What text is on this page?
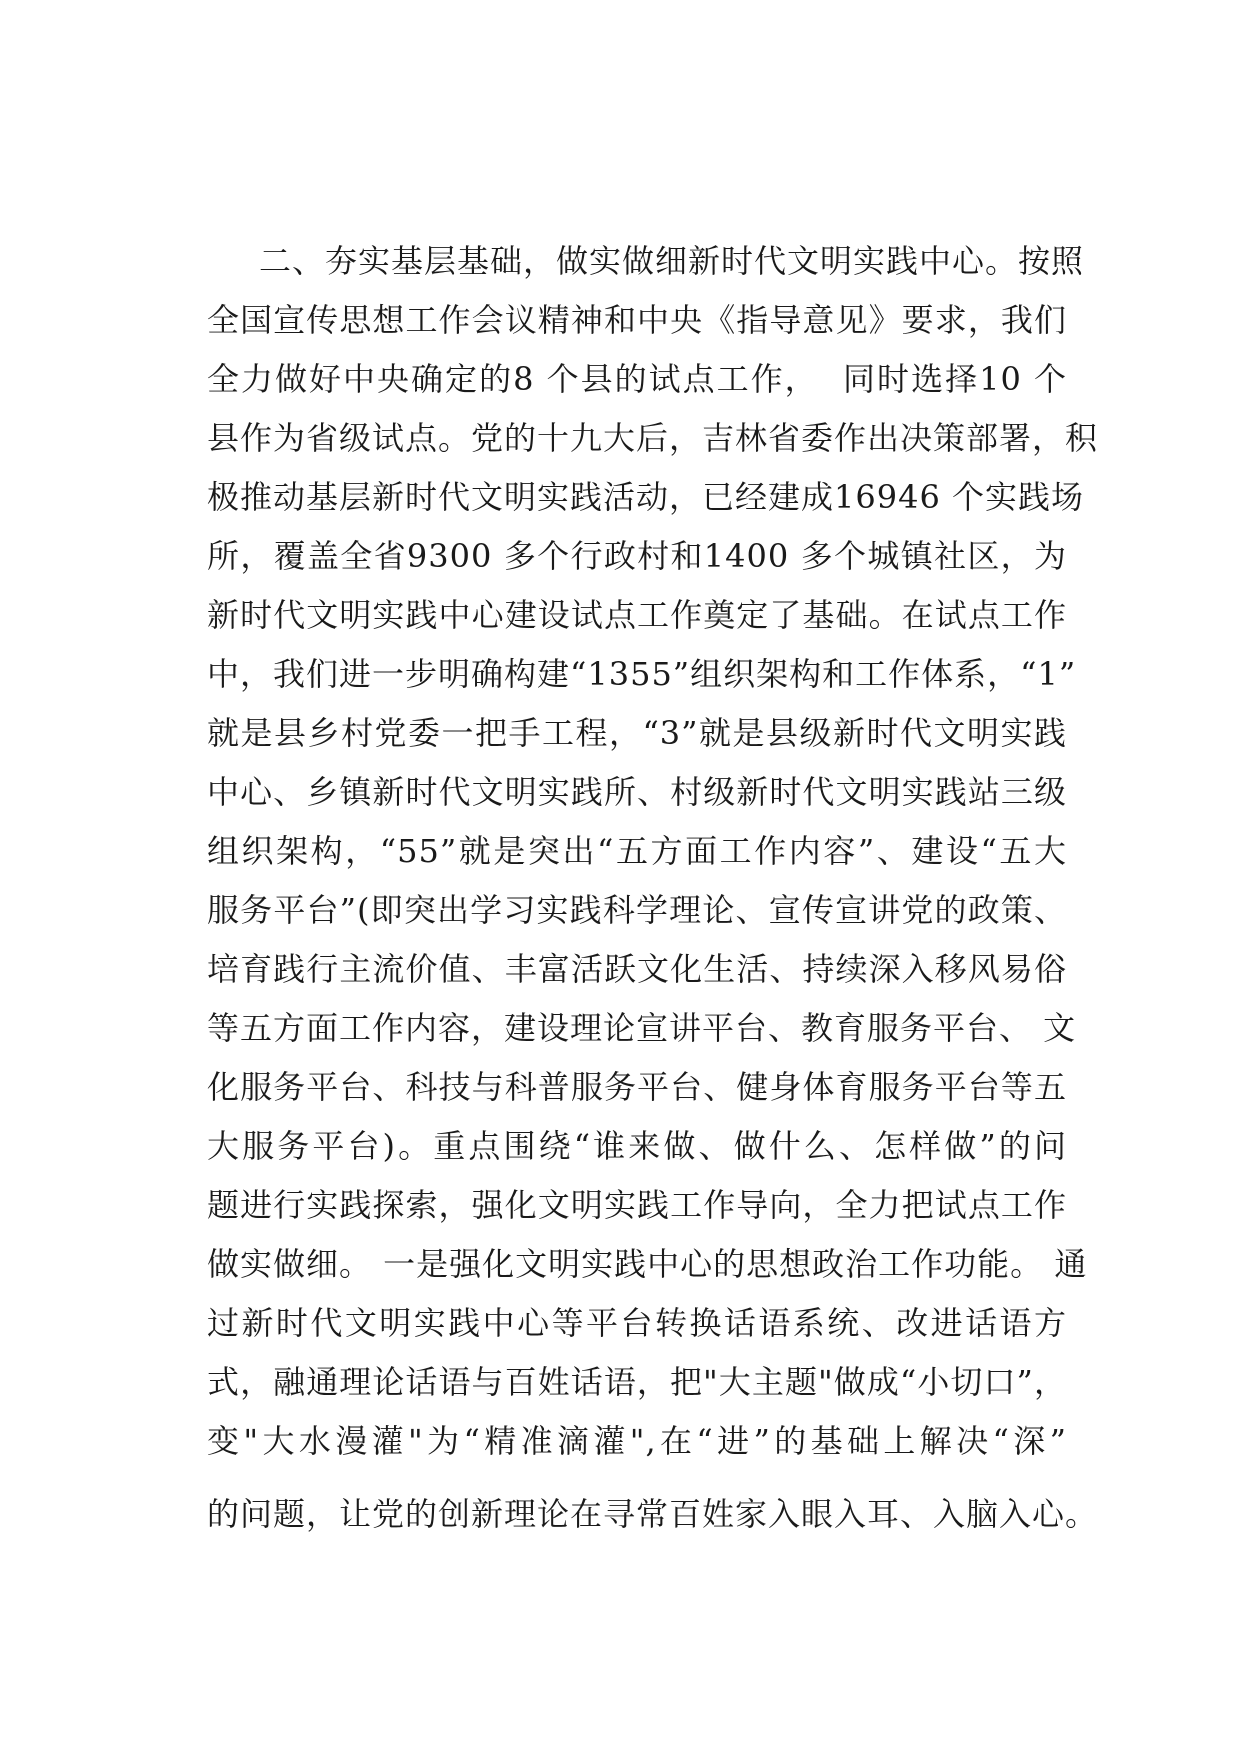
二、夯实基层基础，做实做细新时代文明实践中心。按照
全国宣传思想工作会议精神和中央《指导意见》要求，我们
全力做好中央确定的8 个县的试点工作，  同时选择10 个
县作为省级试点。党的十九大后，吉林省委作出决策部署，积
极推动基层新时代文明实践活动，已经建成16946 个实践场
所，覆盖全省9300 多个行政村和1400 多个城镇社区，为
新时代文明实践中心建设试点工作奠定了基础。在试点工作
中，我们进一步明确构建“1355”组织架构和工作体系，“1”
就是县乡村党委一把手工程，“3”就是县级新时代文明实践
中心、乡镇新时代文明实践所、村级新时代文明实践站三级
组织架构，“55”就是突出“五方面工作内容”、建设“五大
服务平台”(即突出学习实践科学理论、宣传宣讲党的政策、
培育践行主流价值、丰富活跃文化生活、持续深入移风易俗
等五方面工作内容，建设理论宣讲平台、教育服务平台、 文
化服务平台、科技与科普服务平台、健身体育服务平台等五
大服务平台)。重点围绕“谁来做、做什么、怎样做”的问
题进行实践探索，强化文明实践工作导向，全力把试点工作
做实做细。 一是强化文明实践中心的思想政治工作功能。 通
过新时代文明实践中心等平台转换话语系统、改进话语方
式，融通理论话语与百姓话语，把"大主题"做成“小切口”，
变"大水漫灌"为“精准滴灌",在“进”的基础上解决“深”
的问题，让党的创新理论在寻常百姓家入眼入耳、入脑入心。
